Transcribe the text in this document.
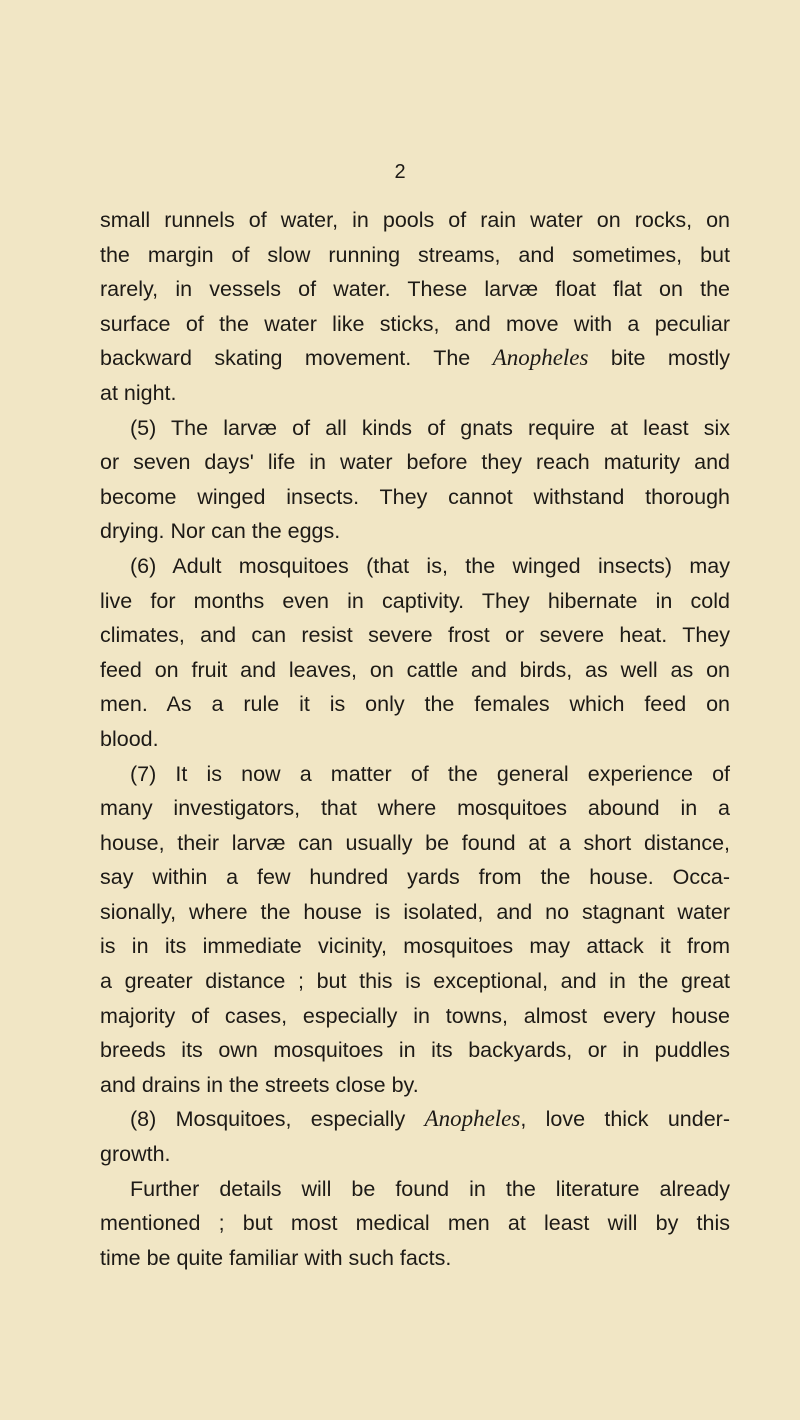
2
small runnels of water, in pools of rain water on rocks, on
the margin of slow running streams, and sometimes, but
rarely, in vessels of water. These larvæ float flat on the
surface of the water like sticks, and move with a peculiar
backward skating movement. The Anopheles bite mostly
at night.
(5) The larvæ of all kinds of gnats require at least six
or seven days' life in water before they reach maturity and
become winged insects. They cannot withstand thorough
drying. Nor can the eggs.
(6) Adult mosquitoes (that is, the winged insects) may
live for months even in captivity. They hibernate in cold
climates, and can resist severe frost or severe heat. They
feed on fruit and leaves, on cattle and birds, as well as on
men. As a rule it is only the females which feed on
blood.
(7) It is now a matter of the general experience of
many investigators, that where mosquitoes abound in a
house, their larvæ can usually be found at a short distance,
say within a few hundred yards from the house. Occa-
sionally, where the house is isolated, and no stagnant water
is in its immediate vicinity, mosquitoes may attack it from
a greater distance ; but this is exceptional, and in the great
majority of cases, especially in towns, almost every house
breeds its own mosquitoes in its backyards, or in puddles
and drains in the streets close by.
(8) Mosquitoes, especially Anopheles, love thick under-
growth.
Further details will be found in the literature already
mentioned ; but most medical men at least will by this
time be quite familiar with such facts.
